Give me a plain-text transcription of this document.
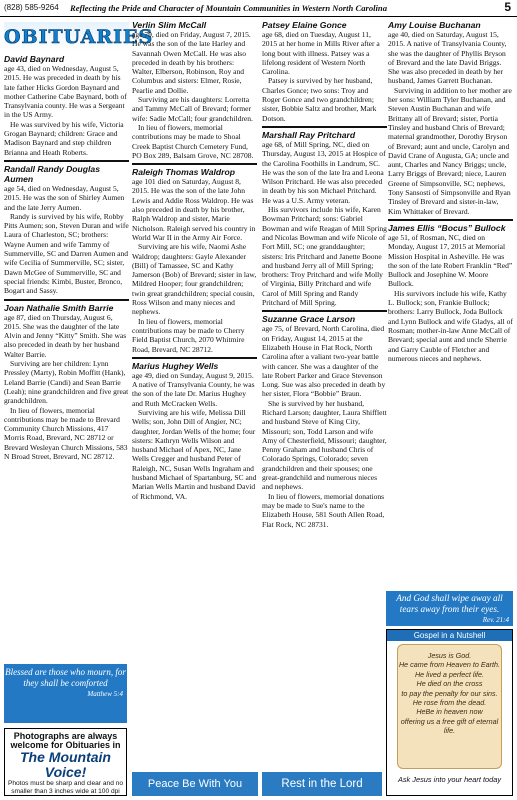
(828) 585-9264 Reflecting the Pride and Character of Mountain Communities in Western North Carolina	5
OBITUARIES
David Baynard

age 43, died on Wednesday, August 5, 2015. He was preceded in death by his late father Hicks Gordon Baynard and mother Catherine Cabe Baynard, both of Transylvania county. He was a Sergeant in the US Army.

He was survived by his wife, Victoria Grogan Baynard; children: Grace and Madison Baynard and step children Brianna and Heath Roberts.

Randall Randy Douglas Aumen

age 54, died on Wednesday, August 5, 2015. He was the son of Shirley Aumen and the late Jerry Aumen.

Randy is survived by his wife, Robby Pitts Aumen; son, Steven Duran and wife Laura of Charleston, SC; brothers: Wayne Aumen and wife Tammy of Summerville, SC and Darren Aumen and wife Cecilia of Summerville, SC; sister, Dawn McGee of Summerville, SC and special friends: Kimbi, Buster, Bronco, Bogart and Sassy.

Joan Nathalie Smith Barrie

age 87, died on Thursday, August 6, 2015. She was the daughter of the late Alvin and Jenny “Kitty” Smith. She was also preceded in death by her husband Walter Barrie.

Surviving are her children: Lynn Pressley (Marty), Robin Moffitt (Hank), Leland Barrie (Candi) and Sean Barrie (Leah); nine grandchildren and five great grandchildren.

In lieu of flowers, memorial contributions may be made to Brevard Community Church Missions, 417 Morris Road, Brevard, NC 28712 or Brevard Wesleyan Church Missions, 583 N Broad Street, Brevard, NC 28712.

Verlin Slim McCall

age 79, died on Friday, August 7, 2015. He was the son of the late Harley and Savannah Owen McCall. He was also preceded in death by his brothers: Walter, Elberson, Robinson, Roy and Columbus and sisters: Elmer, Rosie, Pearlie and Dollie.

Surviving are his daughters: Lorretta and Tammy McCall of Brevard; former wife: Sadie McCall; four grandchildren.

In lieu of flowers, memorial contributions may be made to Shoal Creek Baptist Church Cemetery Fund, PO Box 289, Balsam Grove, NC 28708.

Raleigh Thomas Waldrop

age 101 died on Saturday, August 8, 2015. He was the son of the late John Lewis and Addie Ross Waldrop. He was also preceded in death by his brother, Ralph Waldrop and sister, Marie Nicholson. Raleigh served his country in World War II in the Army Air Force.

Surviving are his wife, Naomi Ashe Waldrop; daughters: Gayle Alexander (Bill) of Tamassee, SC and Kathy Jamerson (Bob) of Brevard; sister in law, Mildred Hooper; four grandchildren; twin great grandchildren; special cousin, Ross Wilson and many nieces and nephews.

In lieu of flowers, memorial contributions may be made to Cherry Field Baptist Church, 2070 Whitmire Road, Brevard, NC 28712.

Marius Hughey Wells

age 49, died on Sunday, August 9, 2015. A native of Transylvania County, he was the son of the late Dr. Marius Hughey and Ruth McCracken Wells.

Surviving are his wife, Melissa Dill Wells; son, John Dill of Angier, NC; daughter, Jordan Wells of the home; four sisters: Kathryn Wells Wilson and husband Michael of Apex, NC, Jane Wells Cregger and husband Peter of Raleigh, NC, Susan Wells Ingraham and husband Michael of Spartanburg, SC and Marian Wells Martin and husband David of Richmond, VA.

Patsey Elaine Gonce

age 68, died on Tuesday, August 11, 2015 at her home in Mills River after a long bout with illness. Patsey was a lifelong resident of Western North Carolina.

Patsey is survived by her husband, Charles Gonce; two sons: Troy and Roger Gonce and two grandchildren; sister, Bobbie Saltz and brother, Mark Dotson.

Marshall Ray Pritchard

age 68, of Mill Spring, NC, died on Thursday, August 13, 2015 at Hospice of the Carolina Foothills in Landrum, SC. He was the son of the late Ira and Leona Wilson Pritchard. He was also preceded in death by his son Michael Pritchard. He was a U.S. Army veteran.

His survivors include his wife, Karen Bowman Pritchard; sons: Gabriel Bowman and wife Reagan of Mill Spring and Nicolas Bowman and wife Nicole of Fort Mill, SC; one granddaughter; sisters: Iris Pritchard and Janette Boone and husband Jerry all of Mill Spring; brothers: Troy Pritchard and wife Molly of Virginia, Billy Pritchard and wife Carol of Mill Spring and Randy Pritchard of Mill Spring.

Suzanne Grace Larson

age 75, of Brevard, North Carolina, died on Friday, August 14, 2015 at the Elizabeth House in Flat Rock, North Carolina after a valiant two-year battle with cancer. She was a daughter of the late Robert Parker and Grace Stevenson Long. Sue was also preceded in death by her sister, Flora “Bobbie” Braun.

She is survived by her husband, Richard Larson; daughter, Laura Shifflett and husband Steve of King City, Missouri; son, Todd Larson and wife Amy of Chesterfield, Missouri; daughter, Penny Graham and husband Chris of Colorado Springs, Colorado; seven grandchildren and their spouses; one great-grandchild and numerous nieces and nephews.

In lieu of flowers, memorial donations may be made to Sue's name to the Elizabeth House, 581 South Allen Road, Flat Rock, NC 28731.

Amy Louise Buchanan

age 40, died on Saturday, August 15, 2015. A native of Transylvania County, she was the daughter of Phyllis Bryson of Brevard and the late David Briggs. She was also preceded in death by her husband, James Garrett Buchanan.

Surviving in addition to her mother are her sons: William Tyler Buchanan, and Steven Austin Buchanan and wife Brittany all of Brevard; sister, Portia Tinsley and husband Chris of Brevard; maternal grandmother, Dorothy Bryson of Brevard; aunt and uncle, Carolyn and David Crane of Augusta, GA; uncle and aunt, Charles and Nancy Briggs; uncle, Larry Briggs of Brevard; niece, Lauren Greene of Simpsonville, SC; nephews, Tony Sansosti of Simpsonville and Ryan Tinsley of Brevard and sister-in-law, Kim Whittaker of Brevard.

James Ellis “Bocus” Bullock

age 51, of Rosman, NC, died on Monday, August 17, 2015 at Memorial Mission Hospital in Asheville. He was the son of the late Robert Franklin “Red” Bullock and Josephine W. Moore Bullock.

His survivors include his wife, Kathy L. Bullock; son, Frankie Bullock; brothers: Larry Bullock, Joda Bullock and Lynn Bullock and wife Gladys, all of Rosman; mother-in-law Anne McCall of Brevard; special aunt and uncle Sherrie and Garry Cauble of Fletcher and numerous nieces and nephews.

Blessed are those who mourn, for they shall be comforted
Matthew 5:4
Photographs are always welcome for Obituaries in
The Mountain Voice!
Photos must be sharp and clear and no smaller than 3 inches wide at 100 dpi
Peace Be With You	Rest in the Lord
And God shall wipe away all tears away from their eyes.
Rev. 21:4
Gospel in a Nutshell
Jesus is God.
He came from Heaven to Earth.
He lived a perfect life.
He died on the cross
to pay the penalty for our sins.
He rose from the dead.
HeBe in heaven now
offering us a free gift of eternal life.
Ask Jesus into your heart today
